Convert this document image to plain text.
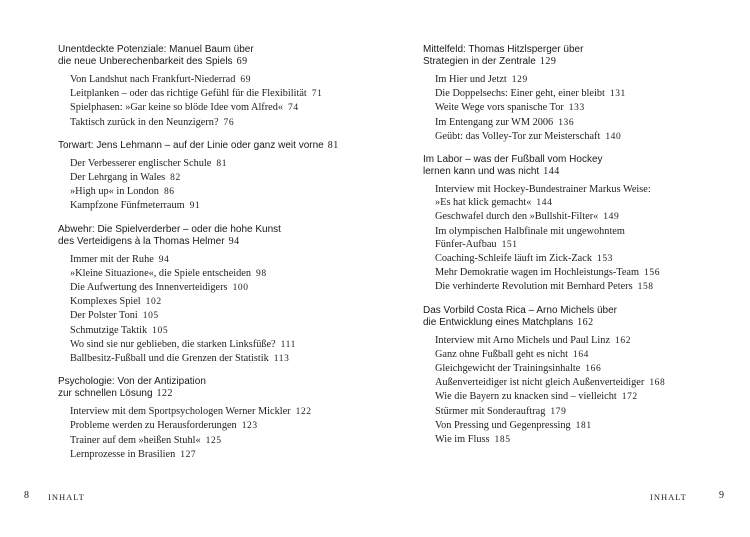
Unentdeckte Potenziale: Manuel Baum über
die neue Unberechenbarkeit des Spiels 69
Von Landshut nach Frankfurt-Niederrad 69
Leitplanken – oder das richtige Gefühl für die Flexibilität 71
Spielphasen: »Gar keine so blöde Idee vom Alfred« 74
Taktisch zurück in den Neunzigern? 76
Torwart: Jens Lehmann – auf der Linie oder ganz weit vorne 81
Der Verbesserer englischer Schule 81
Der Lehrgang in Wales 82
»High up« in London 86
Kampfzone Fünfmeterraum 91
Abwehr: Die Spielverderber – oder die hohe Kunst
des Verteidigens à la Thomas Helmer 94
Immer mit der Ruhe 94
»Kleine Situazione«, die Spiele entscheiden 98
Die Aufwertung des Innenverteidigers 100
Komplexes Spiel 102
Der Polster Toni 105
Schmutzige Taktik 105
Wo sind sie nur geblieben, die starken Linksfüße? 111
Ballbesitz-Fußball und die Grenzen der Statistik 113
Psychologie: Von der Antizipation
zur schnellen Lösung 122
Interview mit dem Sportpsychologen Werner Mickler 122
Probleme werden zu Herausforderungen 123
Trainer auf dem »heißen Stuhl« 125
Lernprozesse in Brasilien 127
8 INHALT
Mittelfeld: Thomas Hitzlsperger über
Strategien in der Zentrale 129
Im Hier und Jetzt 129
Die Doppelsechs: Einer geht, einer bleibt 131
Weite Wege vors spanische Tor 133
Im Entengang zur WM 2006 136
Geübt: das Volley-Tor zur Meisterschaft 140
Im Labor – was der Fußball vom Hockey
lernen kann und was nicht 144
Interview mit Hockey-Bundestrainer Markus Weise:
»Es hat klick gemacht« 144
Geschwafel durch den »Bullshit-Filter« 149
Im olympischen Halbfinale mit ungewohntem
Fünfer-Aufbau 151
Coaching-Schleife läuft im Zick-Zack 153
Mehr Demokratie wagen im Hochleistungs-Team 156
Die verhinderte Revolution mit Bernhard Peters 158
Das Vorbild Costa Rica – Arno Michels über
die Entwicklung eines Matchplans 162
Interview mit Arno Michels und Paul Linz 162
Ganz ohne Fußball geht es nicht 164
Gleichgewicht der Trainingsinhalte 166
Außenverteidiger ist nicht gleich Außenverteidiger 168
Wie die Bayern zu knacken sind – vielleicht 172
Stürmer mit Sonderauftrag 179
Von Pressing und Gegenpressing 181
Wie im Fluss 185
INHALT	9
